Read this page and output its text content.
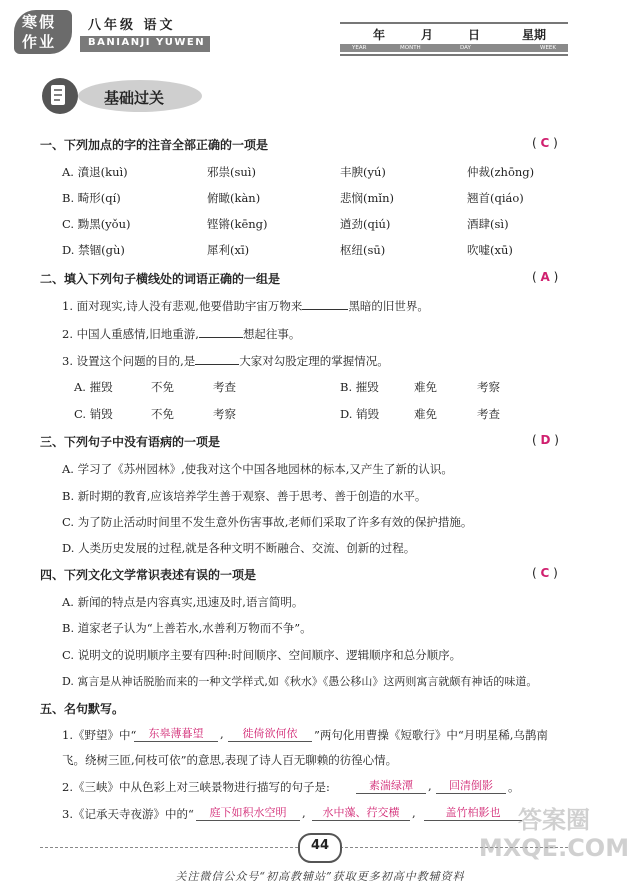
寒假
作业
八年级 语文
BANIANJI YUWEN
年	月	日	星期
YEAR	MONTH	DAY	WEEK
基础过关
一、下列加点的字的注音全部正确的一项是	( C )
A. 濆退(kuì)	邪祟(suì)	丰腴(yú)	仲裁(zhōng)
B. 畸形(qí)	俯瞰(kàn)	悲悯(mǐn)	翘首(qiáo)
C. 黝黑(yǒu)	铿锵(kēng)	遒劲(qiú)	酒肆(sì)
D. 禁锢(gù)	犀利(xī)	枢纽(sū)	吹嘘(xū)
二、填入下列句子横线处的词语正确的一组是	( A )
1. 面对现实,诗人没有悲观,他要借助宇宙万物来	黑暗的旧世界。
2. 中国人重感情,旧地重游,	想起往事。
3. 设置这个问题的目的,是	大家对勾股定理的掌握情况。
A. 摧毁	不免	考查	B. 摧毁	难免	考察
C. 销毁	不免	考察	D. 销毁	难免	考查
三、下列句子中没有语病的一项是	( D )
A. 学习了《苏州园林》,使我对这个中国各地园林的标本,又产生了新的认识。
B. 新时期的教育,应该培养学生善于观察、善于思考、善于创造的水平。
C. 为了防止活动时间里不发生意外伤害事故,老师们采取了许多有效的保护措施。
D. 人类历史发展的过程,就是各种文明不断融合、交流、创新的过程。
四、下列文化文学常识表述有误的一项是	( C )
A. 新闻的特点是内容真实,迅速及时,语言简明。
B. 道家老子认为“上善若水,水善利万物而不争”。
C. 说明文的说明顺序主要有四种:时间顺序、空间顺序、逻辑顺序和总分顺序。
D. 寓言是从神话脱胎而来的一种文学样式,如《秋水》《愚公移山》这两则寓言就颇有神话的味道。
五、名句默写。
1.《野望》中“	东皋薄暮望	,	徙倚欲何依	”两句化用曹操《短歌行》中“月明星稀,乌鹊南
飞。绕树三匝,何枝可依”的意思,表现了诗人百无聊赖的彷徨心情。
2.《三峡》中从色彩上对三峡景物进行描写的句子是:	素湍绿潭	,	回清倒影	。
3.《记承天寺夜游》中的“	庭下如积水空明	,	水中藻、荇交横	,	盖竹柏影也
44
关注微信公众号“初高教辅站”获取更多初高中教辅资料
答案圈 MXQE.COM
